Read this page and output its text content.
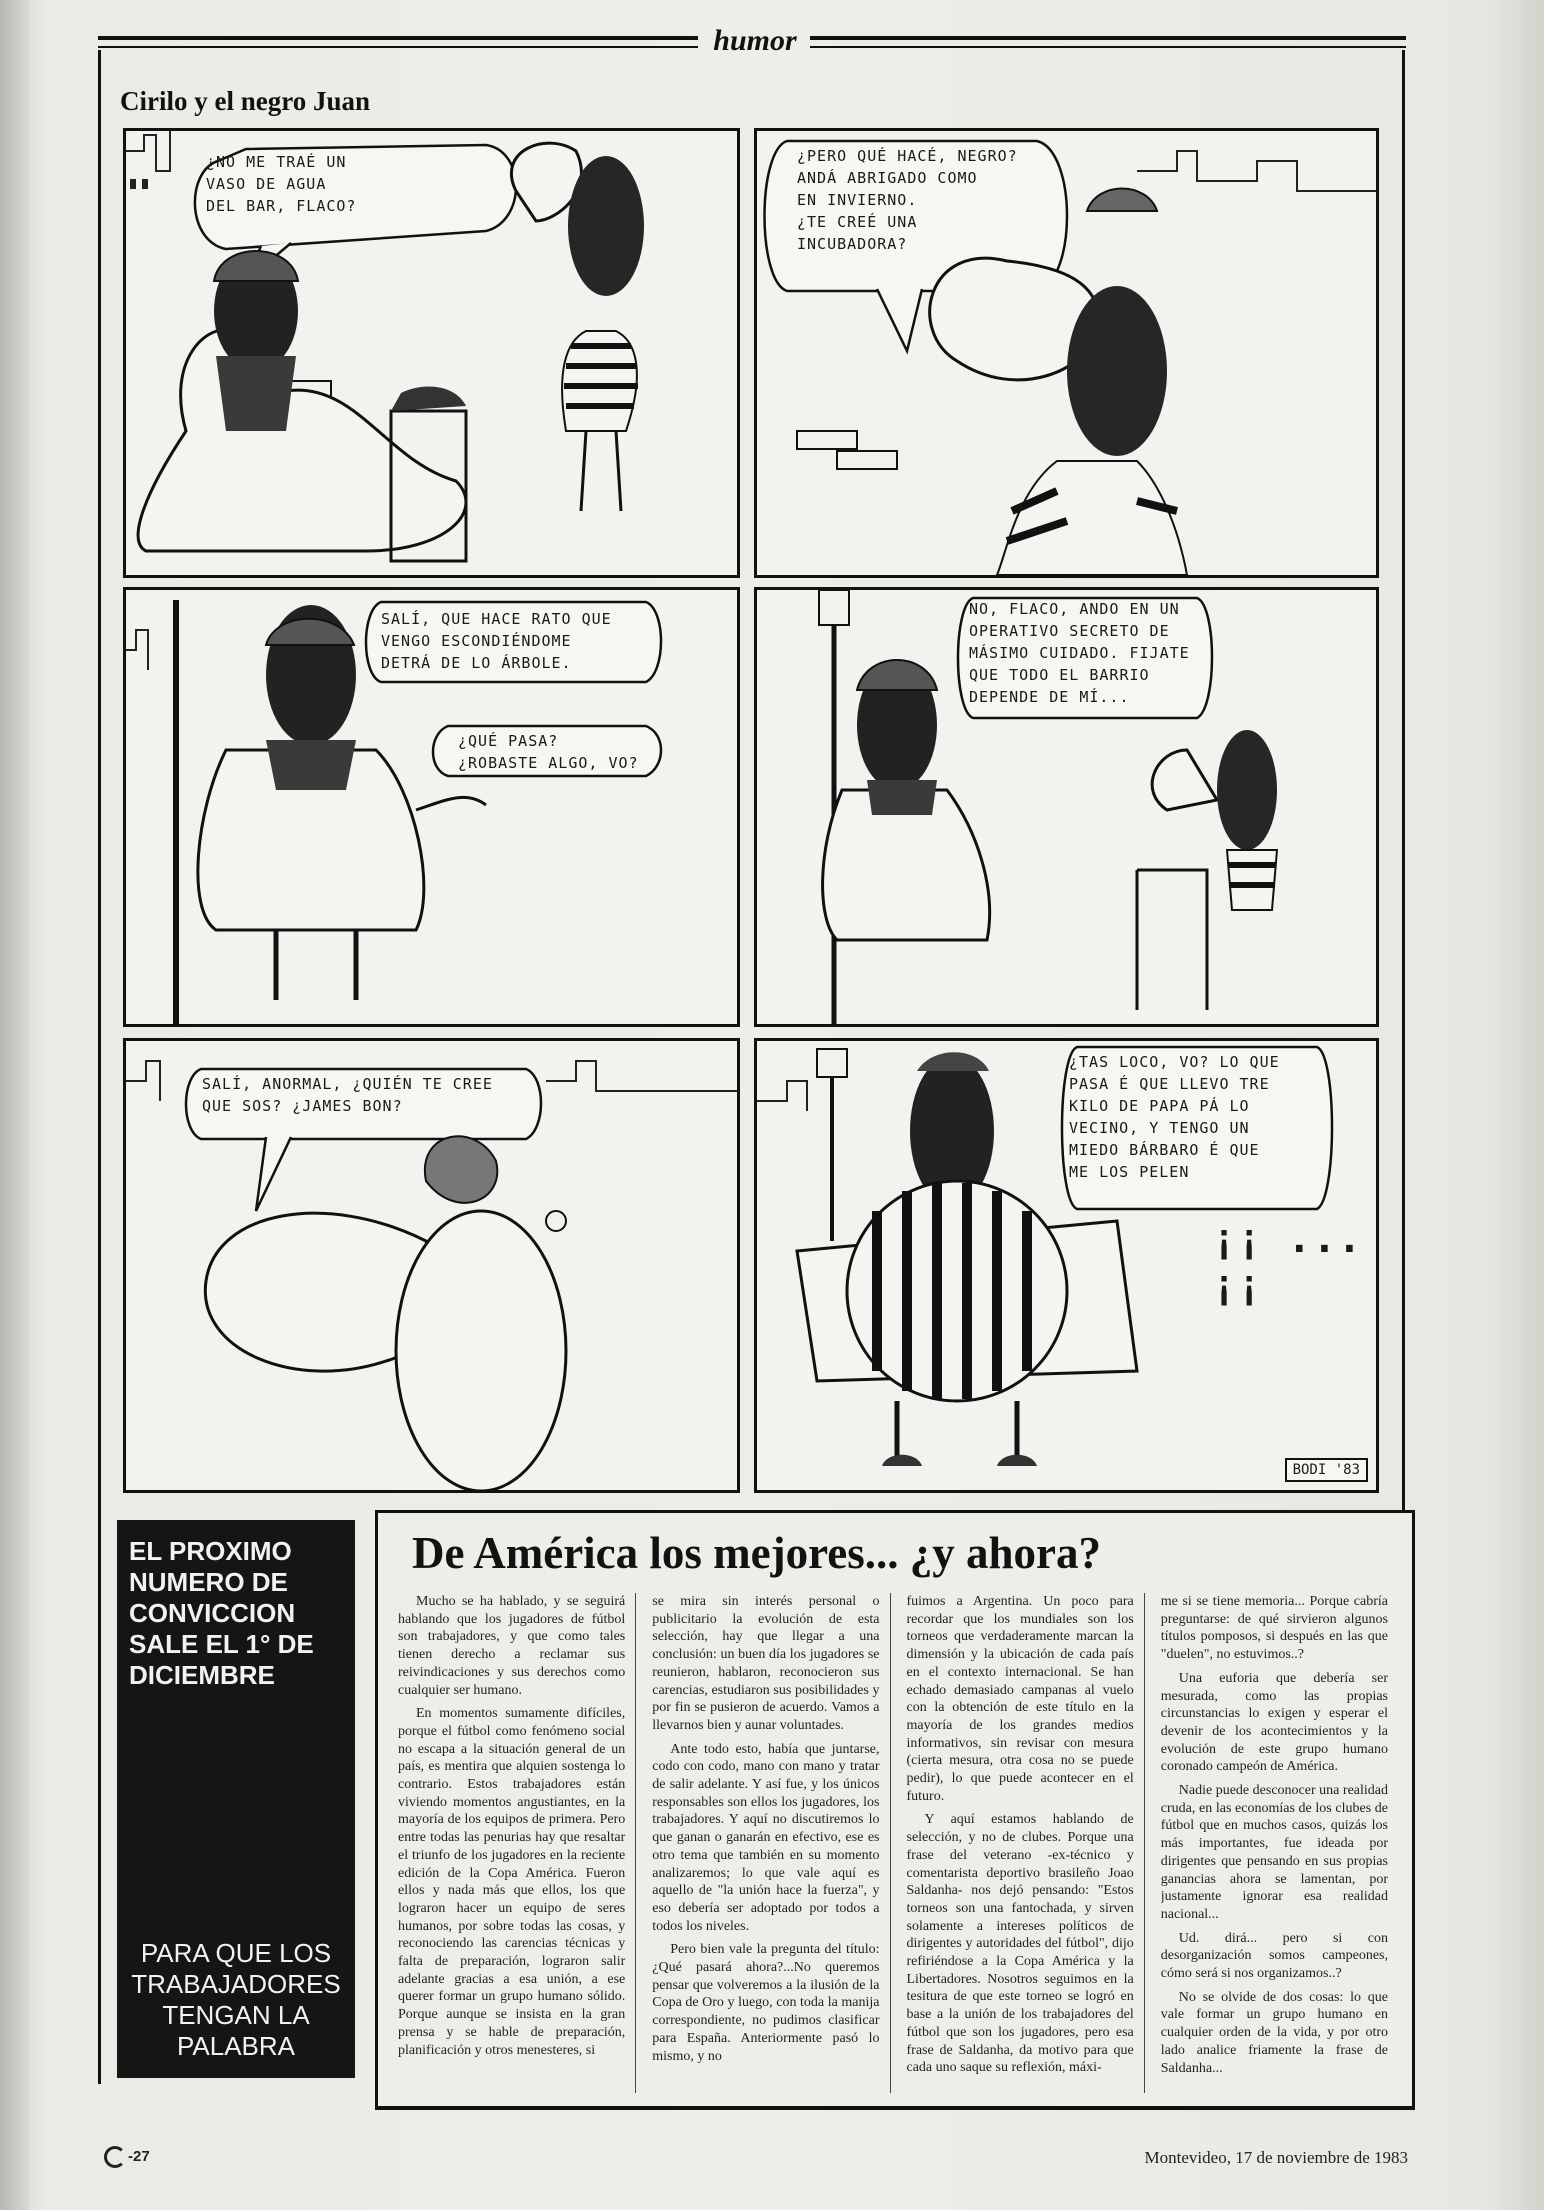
humor
Cirilo y el negro Juan
¿NO ME TRAÉ UN
VASO DE AGUA
DEL BAR, FLACO?
¿PERO QUÉ HACÉ, NEGRO?
ANDÁ ABRIGADO COMO
EN INVIERNO.
¿TE CREÉ UNA
INCUBADORA?
SALÍ, QUE HACE RATO QUE
VENGO ESCONDIÉNDOME
DETRÁ DE LO ÁRBOLE.
¿QUÉ PASA?
¿ROBASTE ALGO, VO?
NO, FLACO, ANDO EN UN
OPERATIVO SECRETO DE
MÁSIMO CUIDADO. FIJATE
QUE TODO EL BARRIO
DEPENDE DE MÍ...
SALÍ, ANORMAL, ¿QUIÉN TE CREE
QUE SOS? ¿JAMES BON?
¿TAS LOCO, VO? LO QUE
PASA É QUE LLEVO TRE
KILO DE PAPA PÁ LO
VECINO, Y TENGO UN
MIEDO BÁRBARO É QUE
ME LOS PELEN
¡¡ ... ¡¡
BODI '83
EL PROXIMO NUMERO DE CONVICCION SALE EL 1° DE DICIEMBRE
PARA QUE LOS TRABAJADORES TENGAN LA PALABRA
De América los mejores... ¿y ahora?

Mucho se ha hablado, y se seguirá hablando que los jugadores de fútbol son trabajadores, y que como tales tienen derecho a reclamar sus reivindicaciones y sus derechos como cualquier ser humano.

En momentos sumamente difíciles, porque el fútbol como fenómeno social no escapa a la situación general de un país, es mentira que alquien sostenga lo contrario. Estos trabajadores están viviendo momentos angustiantes, en la mayoría de los equipos de primera. Pero entre todas las penurias hay que resaltar el triunfo de los jugadores en la reciente edición de la Copa América. Fueron ellos y nada más que ellos, los que lograron hacer un equipo de seres humanos, por sobre todas las cosas, y reconociendo las carencias técnicas y falta de preparación, lograron salir adelante gracias a esa unión, a ese querer formar un grupo humano sólido. Porque aunque se insista en la gran prensa y se hable de preparación, planificación y otros menesteres, si

se mira sin interés personal o publicitario la evolución de esta selección, hay que llegar a una conclusión: un buen día los jugadores se reunieron, hablaron, reconocieron sus carencias, estudiaron sus posibilidades y por fin se pusieron de acuerdo. Vamos a llevarnos bien y aunar voluntades.

Ante todo esto, había que juntarse, codo con codo, mano con mano y tratar de salir adelante. Y así fue, y los únicos responsables son ellos los jugadores, los trabajadores. Y aquí no discutiremos lo que ganan o ganarán en efectivo, ese es otro tema que también en su momento analizaremos; lo que vale aquí es aquello de "la unión hace la fuerza", y eso debería ser adoptado por todos a todos los niveles.

Pero bien vale la pregunta del título: ¿Qué pasará ahora?...No queremos pensar que volveremos a la ilusión de la Copa de Oro y luego, con toda la manija correspondiente, no pudimos clasificar para España. Anteriormente pasó lo mismo, y no

fuimos a Argentina. Un poco para recordar que los mundiales son los torneos que verdaderamente marcan la dimensión y la ubicación de cada país en el contexto internacional. Se han echado demasiado campanas al vuelo con la obtención de este título en la mayoría de los grandes medios informativos, sin revisar con mesura (cierta mesura, otra cosa no se puede pedir), lo que puede acontecer en el futuro.

Y aquí estamos hablando de selección, y no de clubes. Porque una frase del veterano -ex-técnico y comentarista deportivo brasileño Joao Saldanha- nos dejó pensando: "Estos torneos son una fantochada, y sirven solamente a intereses políticos de dirigentes y autoridades del fútbol", dijo refiriéndose a la Copa América y la Libertadores. Nosotros seguimos en la tesitura de que este torneo se logró en base a la unión de los trabajadores del fútbol que son los jugadores, pero esa frase de Saldanha, da motivo para que cada uno saque su reflexión, máxi-

me si se tiene memoria... Porque cabría preguntarse: de qué sirvieron algunos títulos pomposos, si después en las que "duelen", no estuvimos..?

Una euforia que debería ser mesurada, como las propias circunstancias lo exigen y esperar el devenir de los acontecimientos y la evolución de este grupo humano coronado campeón de América.

Nadie puede desconocer una realidad cruda, en las economías de los clubes de fútbol que en muchos casos, quizás los más importantes, fue ideada por dirigentes que pensando en sus propias ganancias ahora se lamentan, por justamente ignorar esa realidad nacional...

Ud. dirá... pero si con desorganización somos campeones, cómo será si nos organizamos..?

No se olvide de dos cosas: lo que vale formar un grupo humano en cualquier orden de la vida, y por otro lado analice friamente la frase de Saldanha...

-27	Montevideo, 17 de noviembre de 1983
